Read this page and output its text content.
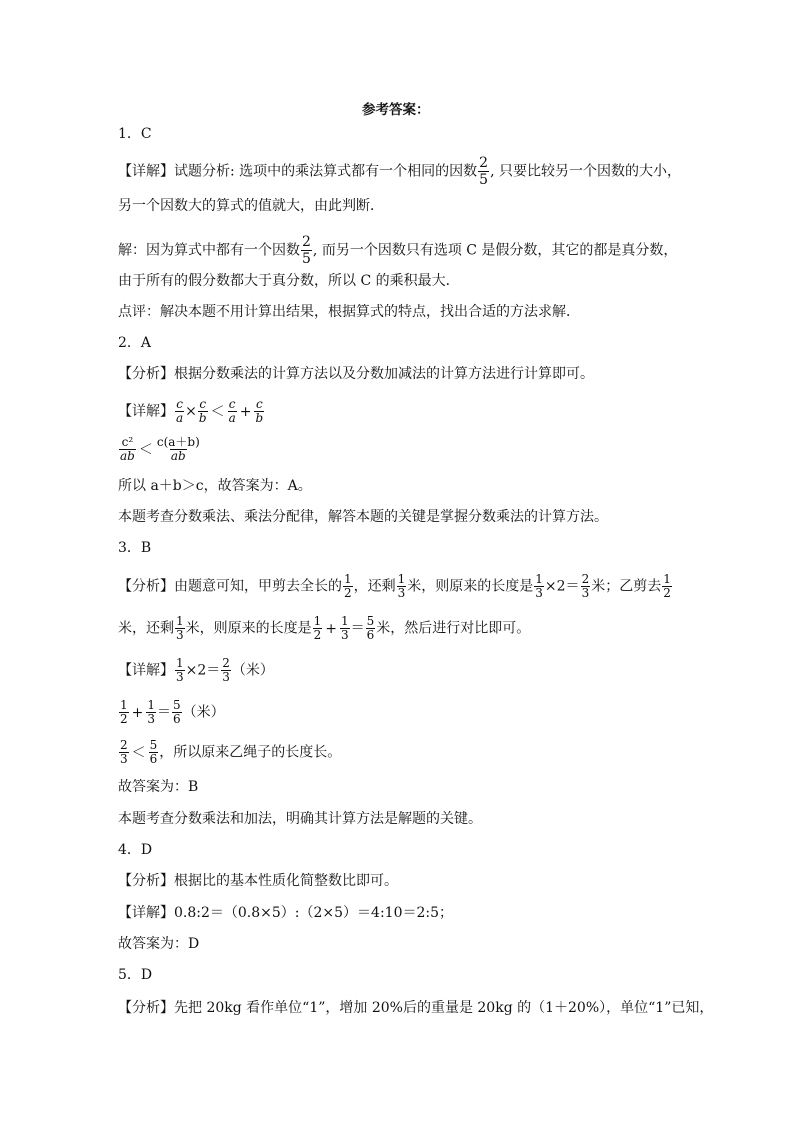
参考答案：
1．C
【详解】试题分析: 选项中的乘法算式都有一个相同的因数 $\frac{2}{5}$ , 只要比较另一个因数的大小，
另一个因数大的算式的值就大，由此判断．
解：因为算式中都有一个因数 $\frac{2}{5}$ , 而另一个因数只有选项 C 是假分数，其它的都是真分数，
由于所有的假分数都大于真分数，所以 C 的乘积最大．
点评：解决本题不用计算出结果，根据算式的特点，找出合适的方法求解．
2．A
【分析】根据分数乘法的计算方法以及分数加减法的计算方法进行计算即可。
【详解】 $\frac{c}{a} \times \frac{c}{b} < \frac{c}{a} + \frac{c}{b}$
$\frac{\text{c²}}{ab} < \frac{c(a+b)}{ab}$
所以 a＋b＞c，故答案为：A。
本题考查分数乘法、乘法分配律，解答本题的关键是掌握分数乘法的计算方法。
3．B
【分析】由题意可知，甲剪去全长的 $\frac{1}{2}$ ，还剩 $\frac{1}{3}$ 米，则原来的长度是 $\frac{1}{3} \times 2= \frac{2}{3}$ 米；乙剪去 $\frac{1}{2}$
米，还剩 $\frac{1}{3}$ 米，则原来的长度是 $\frac{1}{2} + \frac{1}{3} = \frac{5}{6}$ 米，然后进行对比即可。
【详解】 $\frac{1}{3} \times 2= \frac{2}{3}$ （米）
$\frac{1}{2} + \frac{1}{3} = \frac{5}{6}$ （米）
$\frac{2}{3} < \frac{5}{6}$ ，所以原来乙绳子的长度长。
故答案为：B
本题考查分数乘法和加法，明确其计算方法是解题的关键。
4．D
【分析】根据比的基本性质化简整数比即可。
【详解】0.8:2＝（0.8×5）:（2×5）＝4:10＝2:5；
故答案为：D
5．D
【分析】先把 20kg 看作单位“1”，增加 20%后的重量是 20kg 的（1＋20%），单位“1”已知，
